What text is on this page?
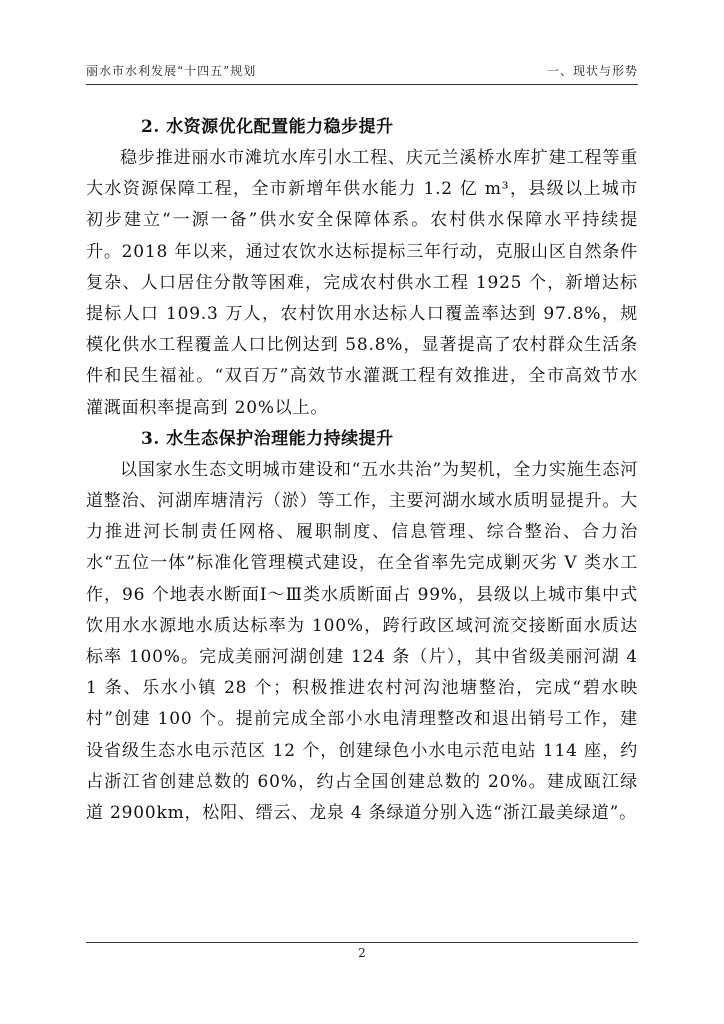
丽水市水利发展“十四五”规划	一、现状与形势
2. 水资源优化配置能力稳步提升

稳步推进丽水市滩坑水库引水工程、庆元兰溪桥水库扩建工程等重大水资源保障工程，全市新增年供水能力 1.2 亿 m³，县级以上城市初步建立“一源一备”供水安全保障体系。农村供水保障水平持续提升。2018 年以来，通过农饮水达标提标三年行动，克服山区自然条件复杂、人口居住分散等困难，完成农村供水工程 1925 个，新增达标提标人口 109.3 万人，农村饮用水达标人口覆盖率达到 97.8%，规模化供水工程覆盖人口比例达到 58.8%，显著提高了农村群众生活条件和民生福祉。“双百万”高效节水灌溉工程有效推进，全市高效节水灌溉面积率提高到 20%以上。

3. 水生态保护治理能力持续提升

以国家水生态文明城市建设和“五水共治”为契机，全力实施生态河道整治、河湖库塘清污（淤）等工作，主要河湖水域水质明显提升。大力推进河长制责任网格、履职制度、信息管理、综合整治、合力治水“五位一体”标准化管理模式建设，在全省率先完成剿灭劣 V 类水工作，96 个地表水断面Ⅰ～Ⅲ类水质断面占 99%，县级以上城市集中式饮用水水源地水质达标率为 100%，跨行政区域河流交接断面水质达标率 100%。完成美丽河湖创建 124 条（片），其中省级美丽河湖 41 条、乐水小镇 28 个；积极推进农村河沟池塘整治，完成“碧水映村”创建 100 个。提前完成全部小水电清理整改和退出销号工作，建设省级生态水电示范区 12 个，创建绿色小水电示范电站 114 座，约占浙江省创建总数的 60%，约占全国创建总数的 20%。建成瓯江绿道 2900km，松阳、缙云、龙泉 4 条绿道分别入选“浙江最美绿道”。

2
